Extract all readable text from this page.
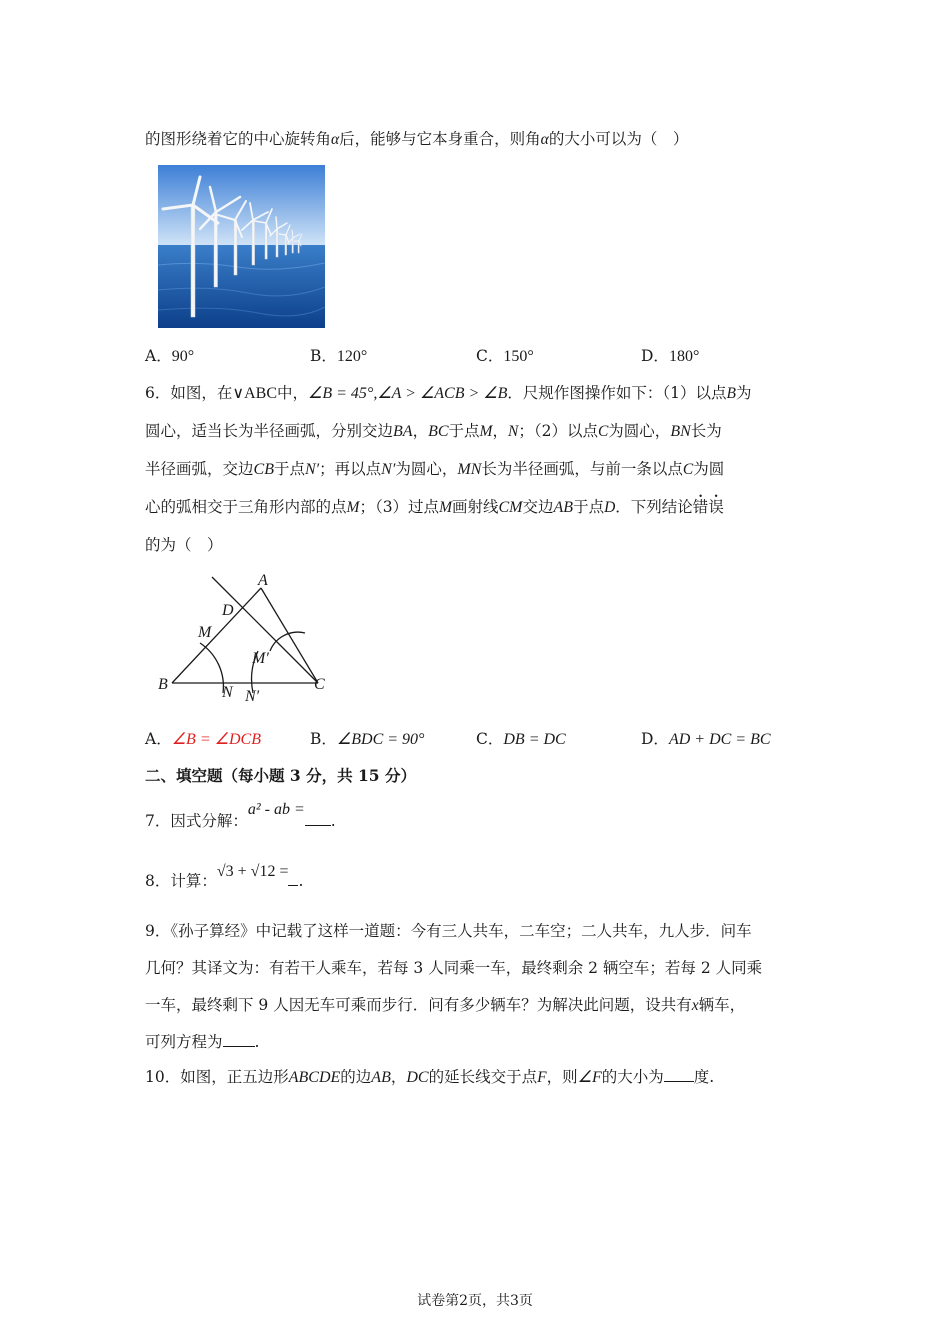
的图形绕着它的中心旋转角α后，能够与它本身重合，则角α的大小可以为（　）
A．90°	B．120°	C．150°	D．180°
6．如图，在∨ABC中，∠B = 45°,∠A > ∠ACB > ∠B．尺规作图操作如下：（1）以点B为
圆心，适当长为半径画弧，分别交边BA，BC于点M，N；（2）以点C为圆心，BN长为
半径画弧，交边CB于点N′；再以点N′为圆心，MN长为半径画弧，与前一条以点C为圆
心的弧相交于三角形内部的点M；（3）过点M画射线CM交边AB于点D．下列结论错误
的为（　）
A
B	C
D
M
M′
N N′
A．∠B = ∠DCB	B．∠BDC = 90°	C．DB = DC	D．AD + DC = BC
二、填空题（每小题 3 分，共 15 分）
7．因式分解：a² - ab =.
8．计算：√3 + √12 =.
9．《孙子算经》中记载了这样一道题：今有三人共车，二车空；二人共车，九人步．问车
几何？其译文为：有若干人乘车，若每 3 人同乘一车，最终剩余 2 辆空车；若每 2 人同乘
一车，最终剩下 9 人因无车可乘而步行．问有多少辆车？为解决此问题，设共有x辆车，
可列方程为 .
10．如图，正五边形ABCDE的边AB，DC的延长线交于点F，则∠F的大小为 度.
试卷第2页，共3页
